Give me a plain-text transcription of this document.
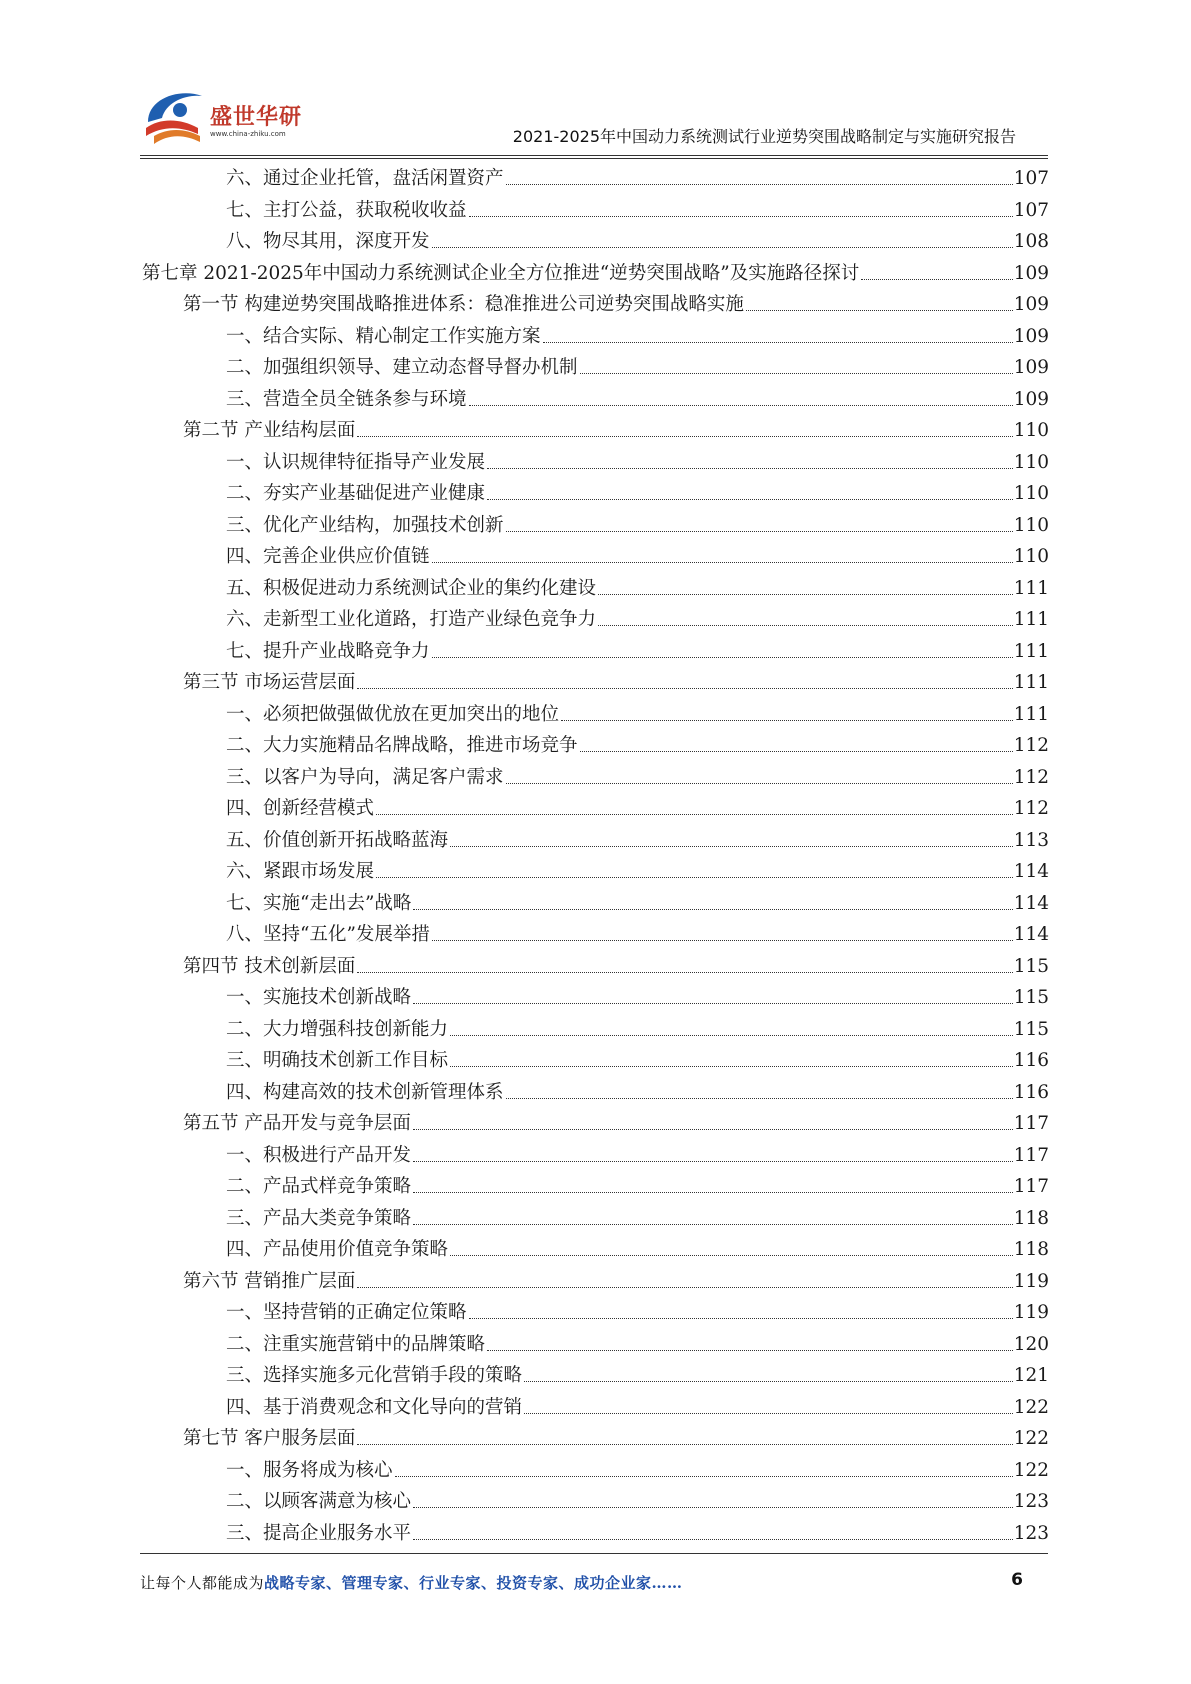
盛世华研
www.china-zhiku.com	2021-2025年中国动力系统测试行业逆势突围战略制定与实施研究报告
六、通过企业托管，盘活闲置资产	107
七、主打公益，获取税收收益	107
八、物尽其用，深度开发	108
第七章 2021-2025年中国动力系统测试企业全方位推进“逆势突围战略”及实施路径探讨	109
第一节 构建逆势突围战略推进体系：稳准推进公司逆势突围战略实施	109
一、结合实际、精心制定工作实施方案	109
二、加强组织领导、建立动态督导督办机制	109
三、营造全员全链条参与环境	109
第二节 产业结构层面	110
一、认识规律特征指导产业发展	110
二、夯实产业基础促进产业健康	110
三、优化产业结构，加强技术创新	110
四、完善企业供应价值链	110
五、积极促进动力系统测试企业的集约化建设	111
六、走新型工业化道路，打造产业绿色竞争力	111
七、提升产业战略竞争力	111
第三节 市场运营层面	111
一、必须把做强做优放在更加突出的地位	111
二、大力实施精品名牌战略，推进市场竞争	112
三、以客户为导向，满足客户需求	112
四、创新经营模式	112
五、价值创新开拓战略蓝海	113
六、紧跟市场发展	114
七、实施“走出去”战略	114
八、坚持“五化”发展举措	114
第四节 技术创新层面	115
一、实施技术创新战略	115
二、大力增强科技创新能力	115
三、明确技术创新工作目标	116
四、构建高效的技术创新管理体系	116
第五节 产品开发与竞争层面	117
一、积极进行产品开发	117
二、产品式样竞争策略	117
三、产品大类竞争策略	118
四、产品使用价值竞争策略	118
第六节 营销推广层面	119
一、坚持营销的正确定位策略	119
二、注重实施营销中的品牌策略	120
三、选择实施多元化营销手段的策略	121
四、基于消费观念和文化导向的营销	122
第七节 客户服务层面	122
一、服务将成为核心	122
二、以顾客满意为核心	123
三、提高企业服务水平	123
让每个人都能成为战略专家、管理专家、行业专家、投资专家、成功企业家……	6
